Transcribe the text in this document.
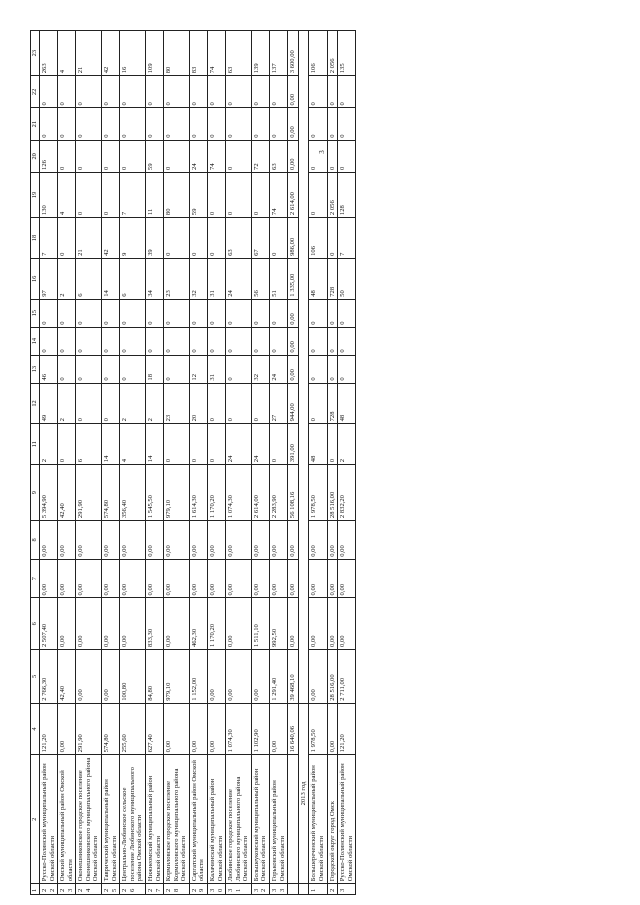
3
1	2	4	5	6	7	8	9	11	12	13	14	15	16	18	19	20	21	22	23
22	Русско-Полянский муниципальный район Омской области	121,20	2 766,30	2 507,40	0,00	0,00	5 394,90	2	49	46	0	0	97	7	130	126	0	0	263
23	Омский муниципальный район Омской области	0,00	42,40	0,00	0,00	0,00	42,40	0	2	0	0	0	2	0	4	0	0	0	4
24	Оконешниковское городское поселение Оконешниковского муниципального района Омской области	291,90	0,00	0,00	0,00	0,00	291,90	6	0	0	0	0	6	21	0	0	0	0	21
25	Таврический муниципальный район Омской области	574,80	0,00	0,00	0,00	0,00	574,80	14	0	0	0	0	14	42	0	0	0	0	42
26	Центрально-Любинское сельское поселение Любинского муниципального района Омской области	255,60	100,80	0,00	0,00	0,00	356,40	4	2	0	0	0	6	9	7	0	0	0	16
27	Нижнеомский муниципальный район Омской области	627,40	84,80	833,30	0,00	0,00	1 545,50	14	2	18	0	0	34	39	11	59	0	0	109
28	Кормиловское городское поселение Кормиловского муниципального района Омской области	0,00	979,10	0,00	0,00	0,00	979,10	0	23	0	0	0	23	0	80	0	0	0	80
29	Саргатский муниципальный район Омской области	0,00	1 152,00	462,30	0,00	0,00	1 614,30	0	20	12	0	0	32	0	59	24	0	0	83
30	Калачинский муниципальный район Омской области	0,00	0,00	1 170,20	0,00	0,00	1 170,20	0	0	31	0	0	31	0	0	74	0	0	74
31	Любинское городское поселение Любинского муниципального района Омской области	1 074,30	0,00	0,00	0,00	0,00	1 074,30	24	0	0	0	0	24	63	0	0	0	0	63
32	Большеуковский муниципальный район Омской области	1 102,90	0,00	1 511,10	0,00	0,00	2 614,00	24	0	32	0	0	56	67	0	72	0	0	139
33	Горьковский муниципальный район Омской области	0,00	1 291,40	992,50	0,00	0,00	2 283,90	0	27	24	0	0	51	0	74	63	0	0	137
		16 640,06	39 468,10	0,00	0,00	0,00	56 108,16	391,00	944,00	0,00	0,00	0,00	1 335,00	986,00	2 614,00	0,00	0,00	0,00	3 600,00
	2013 год																		
1	Большереченский муниципальный район Омской области	1 978,50	0,00	0,00	0,00	0,00	1 978,50	48	0	0	0	0	48	106	0	0	0	0	106
2	Городской округ город Омск	0,00	28 516,00	0,00	0,00	0,00	28 516,00	0	728	0	0	0	728	0	2 056	0	0	0	2 056
3	Русско-Полянский муниципальный район Омской области	121,20	2 711,00	0,00	0,00	0,00	2 832,20	2	48	0	0	0	50	7	128	0	0	0	135
